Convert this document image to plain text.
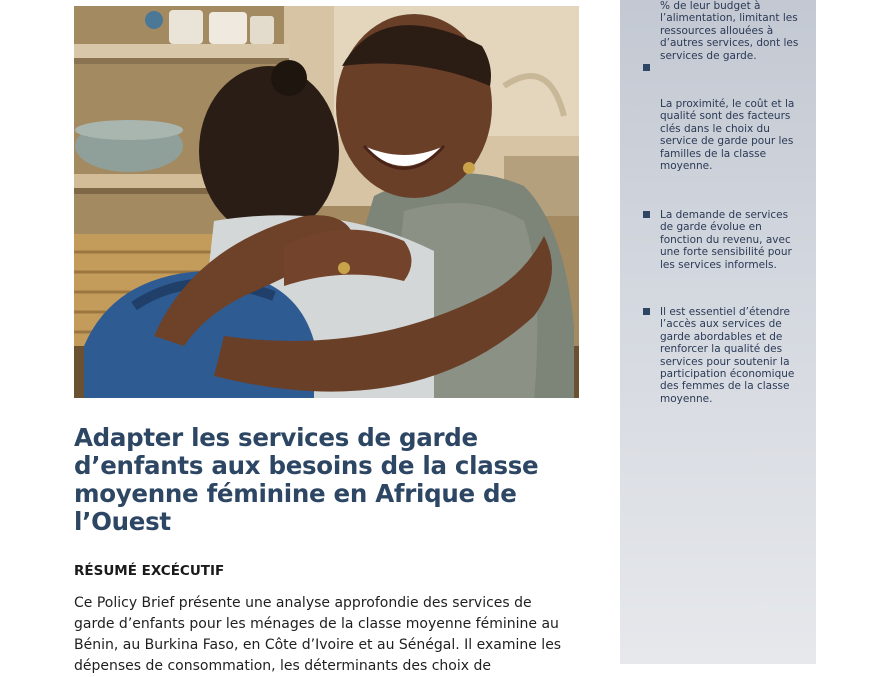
Adapter les services de garde d’enfants aux besoins de la classe moyenne féminine en Afrique de l’Ouest
RÉSUMÉ EXCÉCUTIF

Ce Policy Brief présente une analyse approfondie des services de garde d’enfants pour les ménages de la classe moyenne féminine au Bénin, au Burkina Faso, en Côte d’Ivoire et au Sénégal. Il examine les dépenses de consommation, les déterminants des choix de

% de leur budget à l’alimentation, limitant les ressources allouées à d’autres services, dont les services de garde.

La proximité, le coût et la qualité sont des facteurs clés dans le choix du service de garde pour les familles de la classe moyenne.

La demande de services de garde évolue en fonction du revenu, avec une forte sensibilité pour les services informels.

Il est essentiel d’étendre l’accès aux services de garde abordables et de renforcer la qualité des services pour soutenir la participation économique des femmes de la classe moyenne.
